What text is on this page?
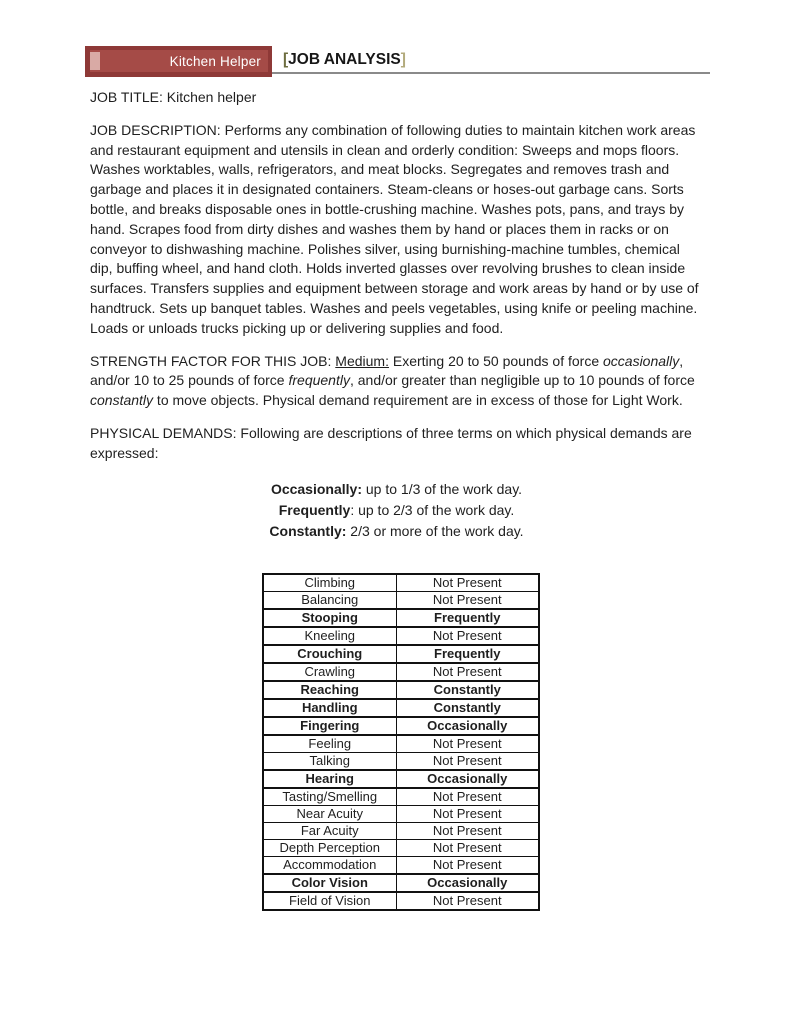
Kitchen Helper [JOB ANALYSIS]

JOB TITLE: Kitchen helper

JOB DESCRIPTION: Performs any combination of following duties to maintain kitchen work areas and restaurant equipment and utensils in clean and orderly condition: Sweeps and mops floors. Washes worktables, walls, refrigerators, and meat blocks. Segregates and removes trash and garbage and places it in designated containers. Steam-cleans or hoses-out garbage cans. Sorts bottle, and breaks disposable ones in bottle-crushing machine. Washes pots, pans, and trays by hand. Scrapes food from dirty dishes and washes them by hand or places them in racks or on conveyor to dishwashing machine. Polishes silver, using burnishing-machine tumbles, chemical dip, buffing wheel, and hand cloth. Holds inverted glasses over revolving brushes to clean inside surfaces. Transfers supplies and equipment between storage and work areas by hand or by use of handtruck. Sets up banquet tables. Washes and peels vegetables, using knife or peeling machine. Loads or unloads trucks picking up or delivering supplies and food.

STRENGTH FACTOR FOR THIS JOB: Medium: Exerting 20 to 50 pounds of force occasionally, and/or 10 to 25 pounds of force frequently, and/or greater than negligible up to 10 pounds of force constantly to move objects. Physical demand requirement are in excess of those for Light Work.

PHYSICAL DEMANDS: Following are descriptions of three terms on which physical demands are expressed:

Occasionally: up to 1/3 of the work day.
Frequently: up to 2/3 of the work day.
Constantly: 2/3 or more of the work day.
Climbing	Not Present
Balancing	Not Present
Stooping	Frequently
Kneeling	Not Present
Crouching	Frequently
Crawling	Not Present
Reaching	Constantly
Handling	Constantly
Fingering	Occasionally
Feeling	Not Present
Talking	Not Present
Hearing	Occasionally
Tasting/Smelling	Not Present
Near Acuity	Not Present
Far Acuity	Not Present
Depth Perception	Not Present
Accommodation	Not Present
Color Vision	Occasionally
Field of Vision	Not Present
